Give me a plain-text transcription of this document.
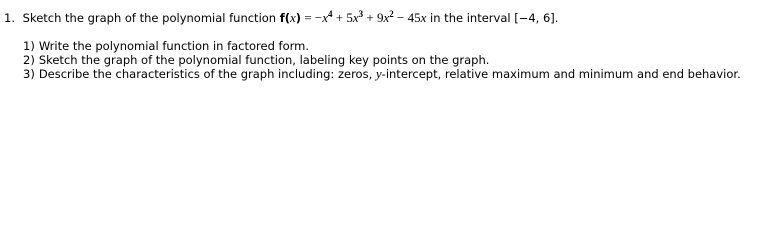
1. Sketch the graph of the polynomial function $f(x) = -x^4 + 5x^3 + 9x^2 - 45x$ in the interval [−4, 6].
1) Write the polynomial function in factored form.
2) Sketch the graph of the polynomial function, labeling key points on the graph.
3) Describe the characteristics of the graph including: zeros, y-intercept, relative maximum and minimum and end behavior.
